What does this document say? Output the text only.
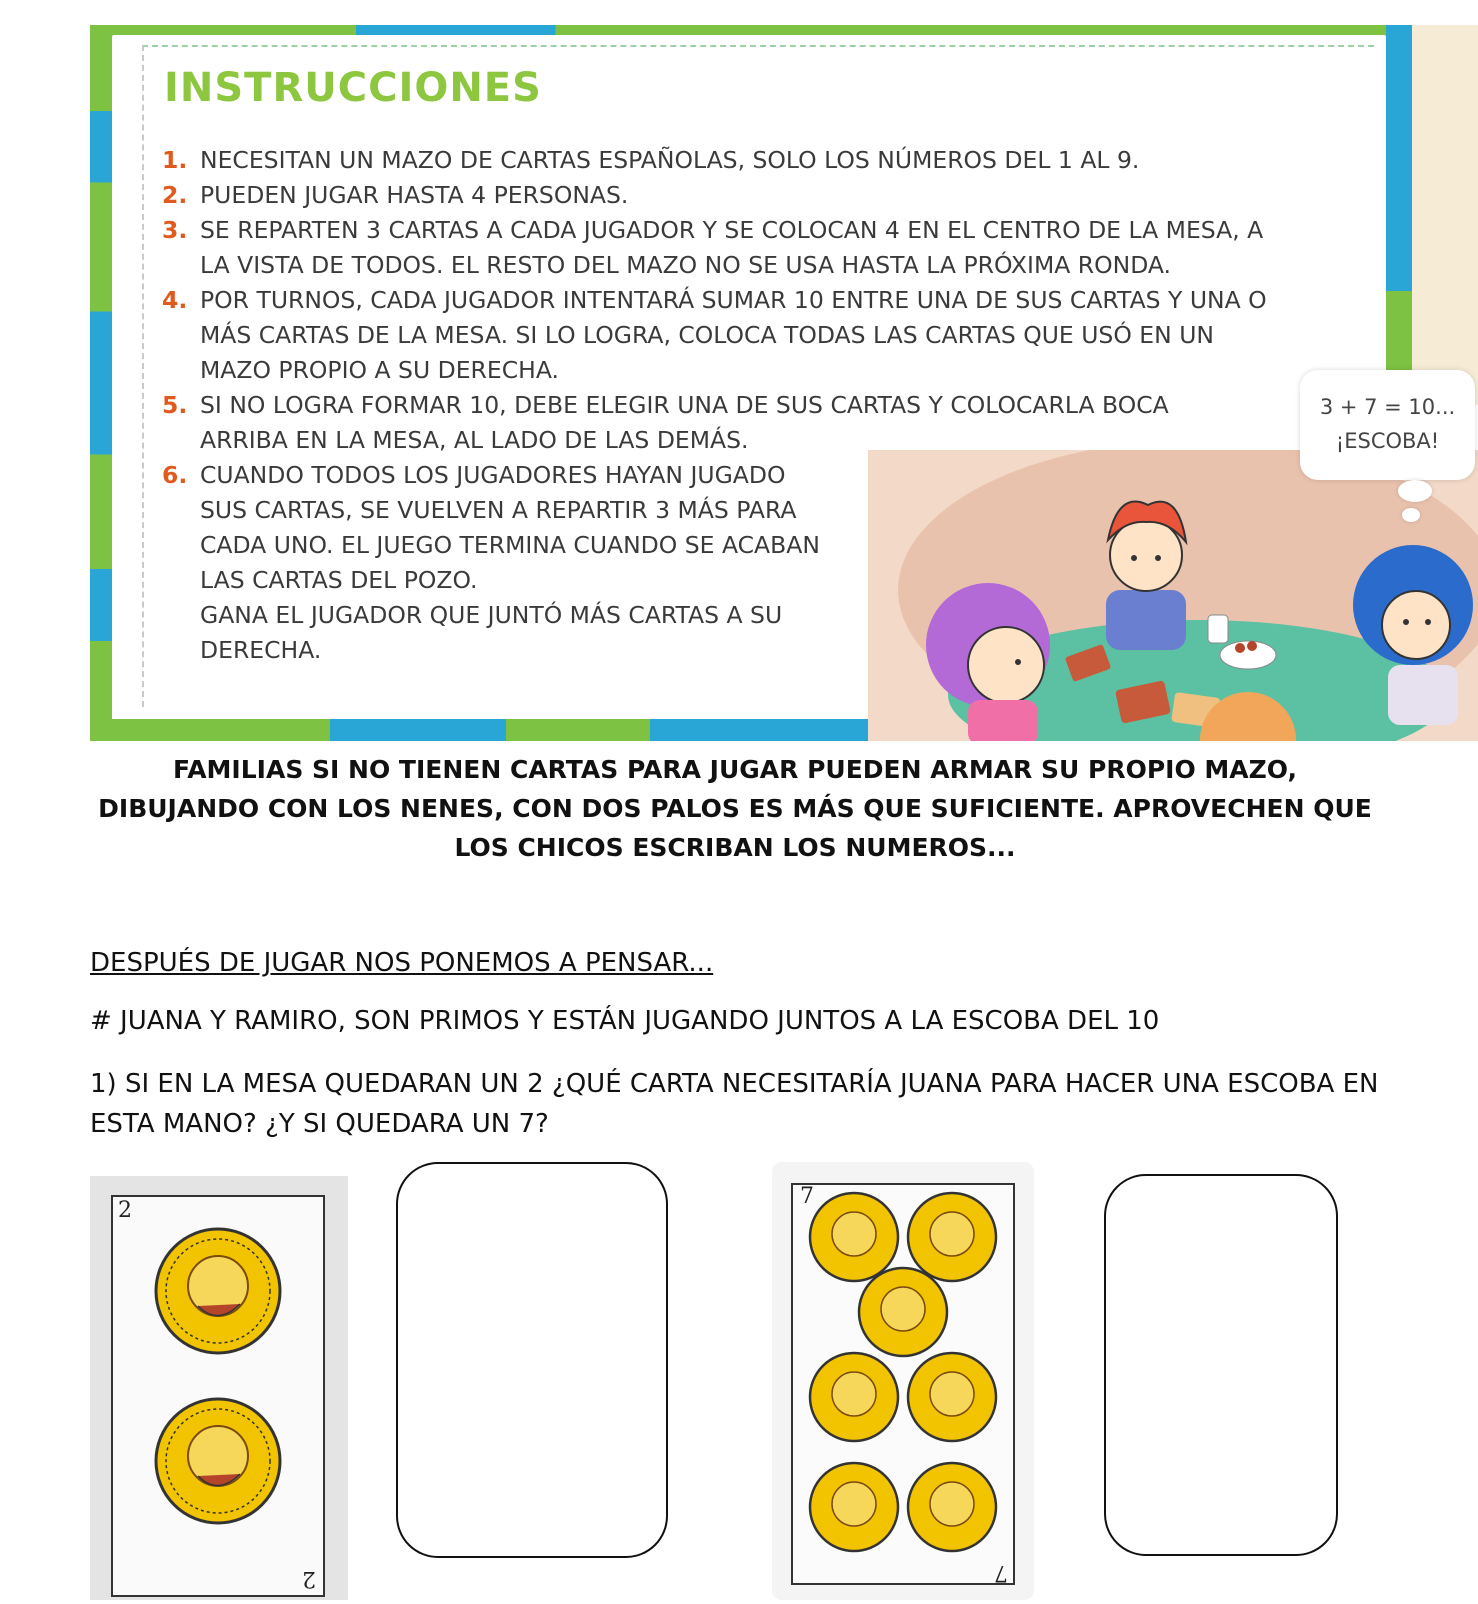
INSTRUCCIONES
1. NECESITAN UN MAZO DE CARTAS ESPAÑOLAS, SOLO LOS NÚMEROS DEL 1 AL 9.
2. PUEDEN JUGAR HASTA 4 PERSONAS.
3. SE REPARTEN 3 CARTAS A CADA JUGADOR Y SE COLOCAN 4 EN EL CENTRO DE LA MESA, A LA VISTA DE TODOS. EL RESTO DEL MAZO NO SE USA HASTA LA PRÓXIMA RONDA.
4. POR TURNOS, CADA JUGADOR INTENTARÁ SUMAR 10 ENTRE UNA DE SUS CARTAS Y UNA O MÁS CARTAS DE LA MESA. SI LO LOGRA, COLOCA TODAS LAS CARTAS QUE USÓ EN UN MAZO PROPIO A SU DERECHA.
5. SI NO LOGRA FORMAR 10, DEBE ELEGIR UNA DE SUS CARTAS Y COLOCARLA BOCA ARRIBA EN LA MESA, AL LADO DE LAS DEMÁS.
6. CUANDO TODOS LOS JUGADORES HAYAN JUGADO SUS CARTAS, SE VUELVEN A REPARTIR 3 MÁS PARA CADA UNO. EL JUEGO TERMINA CUANDO SE ACABAN LAS CARTAS DEL POZO.
GANA EL JUGADOR QUE JUNTÓ MÁS CARTAS A SU DERECHA.
3 + 7 = 10...
¡ESCOBA!
FAMILIAS SI NO TIENEN CARTAS PARA JUGAR PUEDEN ARMAR SU PROPIO MAZO, DIBUJANDO CON LOS NENES, CON DOS PALOS ES MÁS QUE SUFICIENTE. APROVECHEN QUE LOS CHICOS ESCRIBAN LOS NUMEROS...
DESPUÉS DE JUGAR NOS PONEMOS A PENSAR...
# JUANA Y RAMIRO, SON PRIMOS Y ESTÁN JUGANDO JUNTOS A LA ESCOBA DEL 10
1) SI EN LA MESA QUEDARAN UN 2 ¿QUÉ CARTA NECESITARÍA JUANA PARA HACER UNA ESCOBA EN ESTA MANO? ¿Y SI QUEDARA UN 7?
2
2
7
7
